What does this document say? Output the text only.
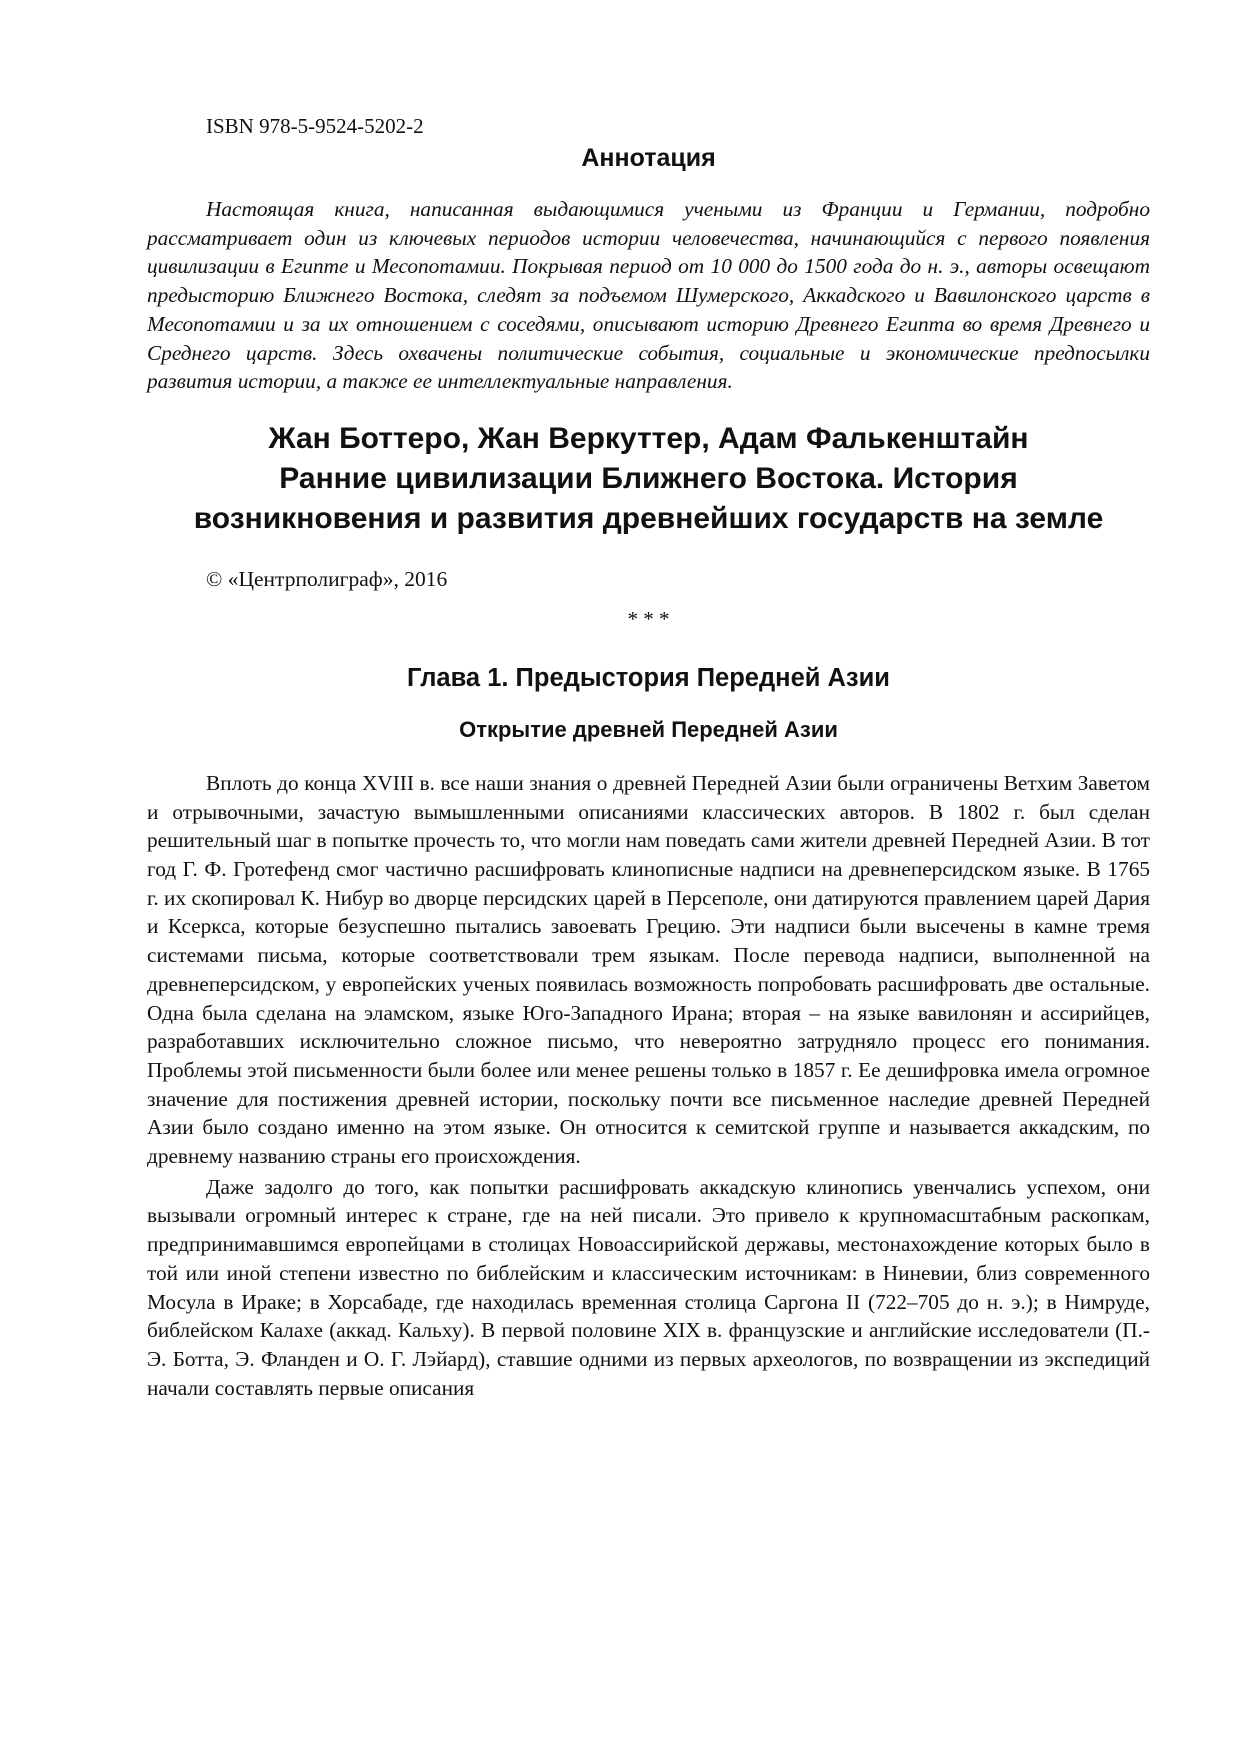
ISBN 978-5-9524-5202-2
Аннотация

Настоящая книга, написанная выдающимися учеными из Франции и Германии, подробно рассматривает один из ключевых периодов истории человечества, начинающийся с первого появления цивилизации в Египте и Месопотамии. Покрывая период от 10 000 до 1500 года до н. э., авторы освещают предысторию Ближнего Востока, следят за подъемом Шумерского, Аккадского и Вавилонского царств в Месопотамии и за их отношением с соседями, описывают историю Древнего Египта во время Древнего и Среднего царств. Здесь охвачены политические события, социальные и экономические предпосылки развития истории, а также ее интеллектуальные направления.

Жан Боттеро, Жан Веркуттер, Адам Фалькенштайн
Ранние цивилизации Ближнего Востока. История возникновения и развития древнейших государств на земле
© «Центрполиграф», 2016
* * *
Глава 1. Предыстория Передней Азии
Открытие древней Передней Азии

Вплоть до конца XVIII в. все наши знания о древней Передней Азии были ограничены Ветхим Заветом и отрывочными, зачастую вымышленными описаниями классических авторов. В 1802 г. был сделан решительный шаг в попытке прочесть то, что могли нам поведать сами жители древней Передней Азии. В тот год Г. Ф. Гротефенд смог частично расшифровать клинописные надписи на древнеперсидском языке. В 1765 г. их скопировал К. Нибур во дворце персидских царей в Персеполе, они датируются правлением царей Дария и Ксеркса, которые безуспешно пытались завоевать Грецию. Эти надписи были высечены в камне тремя системами письма, которые соответствовали трем языкам. После перевода надписи, выполненной на древнеперсидском, у европейских ученых появилась возможность попробовать расшифровать две остальные. Одна была сделана на эламском, языке Юго-Западного Ирана; вторая – на языке вавилонян и ассирийцев, разработавших исключительно сложное письмо, что невероятно затрудняло процесс его понимания. Проблемы этой письменности были более или менее решены только в 1857 г. Ее дешифровка имела огромное значение для постижения древней истории, поскольку почти все письменное наследие древней Передней Азии было создано именно на этом языке. Он относится к семитской группе и называется аккадским, по древнему названию страны его происхождения.

Даже задолго до того, как попытки расшифровать аккадскую клинопись увенчались успехом, они вызывали огромный интерес к стране, где на ней писали. Это привело к крупномасштабным раскопкам, предпринимавшимся европейцами в столицах Новоассирийской державы, местонахождение которых было в той или иной степени известно по библейским и классическим источникам: в Ниневии, близ современного Мосула в Ираке; в Хорсабаде, где находилась временная столица Саргона II (722–705 до н. э.); в Нимруде, библейском Калахе (аккад. Кальху). В первой половине XIX в. французские и английские исследователи (П.-Э. Ботта, Э. Фланден и О. Г. Лэйард), ставшие одними из первых археологов, по возвращении из экспедиций начали составлять первые описания
